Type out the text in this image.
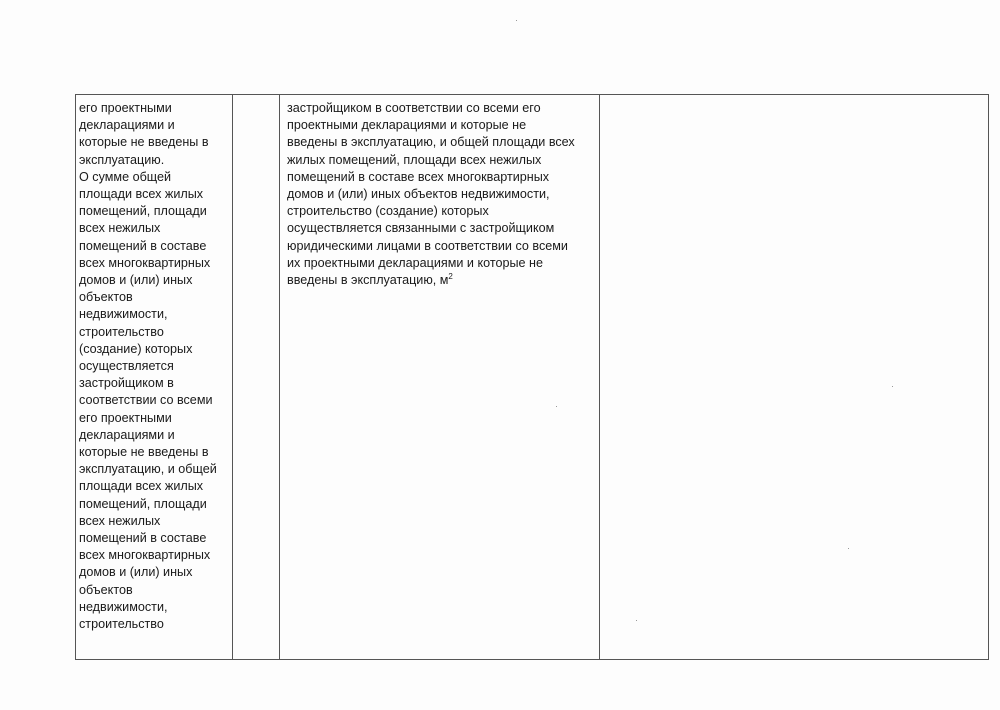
его проектными
декларациями и
которые не введены в
эксплуатацию.
О сумме общей
площади всех жилых
помещений, площади
всех нежилых
помещений в составе
всех многоквартирных
домов и (или) иных
объектов
недвижимости,
строительство
(создание) которых
осуществляется
застройщиком в
соответствии со всеми
его проектными
декларациями и
которые не введены в
эксплуатацию, и общей
площади всех жилых
помещений, площади
всех нежилых
помещений в составе
всех многоквартирных
домов и (или) иных
объектов
недвижимости,
строительство

застройщиком в соответствии со всеми его
проектными декларациями и которые не
введены в эксплуатацию, и общей площади всех
жилых помещений, площади всех нежилых
помещений в составе всех многоквартирных
домов и (или) иных объектов недвижимости,
строительство (создание) которых
осуществляется связанными с застройщиком
юридическими лицами в соответствии со всеми
их проектными декларациями и которые не
введены в эксплуатацию, $м^2$
